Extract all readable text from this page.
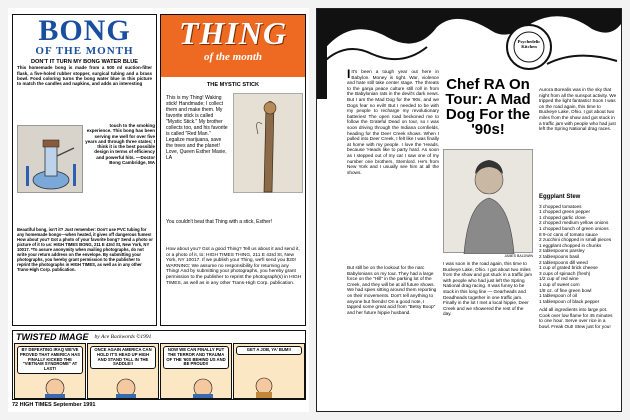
BONG
OF THE MONTH
DON'T IT TURN MY BONG WATER BLUE

This homemade bong is made from a 500 ml suction-filter flask, a five-holed rubber stopper, surgical tubing and a brass bowl. Food coloring turns the bong water blue in this picture to match the candles and napkins, and adds an interesting

touch to the smoking experience. This bong has been serving me well for over five years and through three states; I think it is the best possible design in terms of efficiency and powerful hits. —Doctor Bong Cambridge, MA

Beautiful bong, isn't it? Just remember: Don't use PVC tubing for any homemade bongs—when heated, it gives off dangerous fumes! How about you? Got a photo of your favorite bong? Send a photo or picture of it to us: HIGH TIMES BONG, 211 E 43rd St, New York, NY 10017. *To assure anonymity when mailing photographs, do not write your return address on the envelope. By submitting your photographs, you hereby grant permission to the publisher to reprint the photographs in HIGH TIMES, as well as in any other Trans-High Corp. publication.

THING
of the month
THE MYSTIC STICK

This is my Thing! Waking stick! Handmade; I collect them and make them. My favorite stick is called "Mystic Stick." My brother collects too, and his favorite is called "Red Man." Legalize marijuana, save the trees and the planet! Love, Queen Esther Maxie, LA

You couldn't beat that Thing with a stick, Esther!

How about you? Got a good Thing? Tell us about it and send it, or a photo of it, to: HIGH TIMES THING, 211 E 43rd St, New York, NY 10017. If we publish your Thing, we'll send you $20! WARNING: We assume no responsibility for returning any Thing! And by submitting your photographs, you hereby grant permission to the publisher to reprint the photograph(s) in HIGH TIMES, as well as in any other Trans-High Corp. publication.

TWISTED IMAGE by Ace Backwords ©1991
BY DEFEATING IRAQ WE'VE PROVED THAT AMERICA HAS FINALLY KICKED THE "VIETNAM SYNDROME" AT LAST!
ONCE AGAIN AMERICA CAN HOLD IT'S HEAD UP HIGH AND STAND TALL IN THE SADDLE!!
NOW WE CAN FINALLY PUT THE TERROR AND TRAUMA OF THE '60S BEHIND US AND BE PROUD!!
GET A JOB, YA' BUM!!
72 HIGH TIMES September 1991
Psychedelic Kitchen
I It's been a tough year out here in Babylon. Money is tight. War, violence and hate still take center stage. The threats to the ganja peace culture still roll in from the Babylonian rats in the devil's dark news. But I am the Mad Dog for the '90s, and we Dogs fear no evil!! But I needed to be with my people to recharge my revolutionary batteries! The open road beckoned me to follow the Grateful Dead on tour, so I was soon driving through the Indiana cornfields, heading for the Deer Creek shows. When I pulled into Deer Creek, I felt like I was finally at home with my people. I love the 'Heads, because 'Heads like to party hard. As soon as I stepped out of my car I saw one of my number one brothers, Stemlord. He's from New York and I usually see him at all the shows.
Chef RA On Tour: A Mad Dog For the '90s!
JAMES BALDWIN
But still be on the lookout for the narc Babylonians on my tour. They had a large force on the "Hill" in the parking lot of the Creek, and they will be at all future shows. We had spies sitting around them reporting on their movements. Don't tell anything to anyone but friends! On a good note, I tapped some great acid from "Betsy Boop" and her future hippie husband.
I was soon in the road again, this time to Buckeye Lake, Ohio. I got about two miles from the show and got stuck in a traffic jam with people who had just left the Spring National drag racing. It was funny to be stuck in this long line — Gearheads and Deadheads together in one traffic jam. Finally in the lot I met a local hippie, Deer Creek and we showered the rest of the day.
Aurora Borealis was in the sky that night from all the sunspot activity. We tripped the light fantastic! Soon I was on the road again, this time to Buckeye Lake, Ohio. I got about two miles from the show and got stuck in a traffic jam with people who had just left the Spring National drag races.
Eggplant Stew
3 chopped tomatoes
1 chopped green pepper
1 chopped garlic clove
2 chopped medium yellow onions
1 chopped bunch of green onions
8 9-oz cans of tomato sauce
2 zucchini chopped in small pieces
1 eggplant chopped in chunks
2 tablespoons parsley
2 tablespoons basil
2 tablespoons dill weed
1 cup of grated brick cheese
3 cups of spinach (fresh)
1/2 cup of red wine
1 cup of sweet corn
1/8 oz. of fine green bowl
1 tablespoon of oil
1 tablespoon of black pepper

Add all ingredients into large pot. Cook over low flame for 45 minutes to one hour. Serve over rice in a bowl. Freak Out! Stew just for you!
